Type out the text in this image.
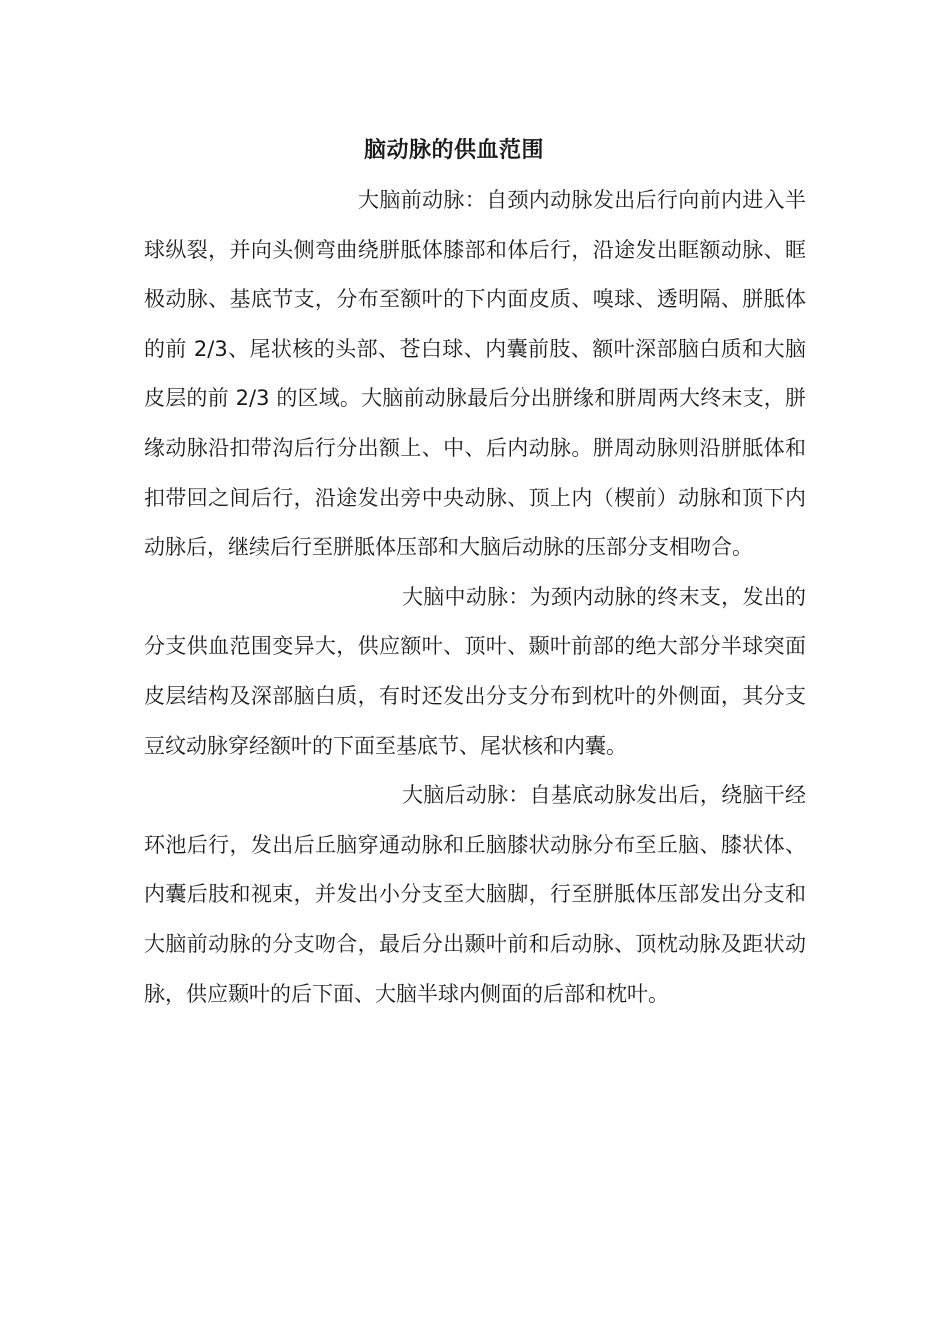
脑动脉的供血范围

大脑前动脉：自颈内动脉发出后行向前内进入半球纵裂，并向头侧弯曲绕胼胝体膝部和体后行，沿途发出眶额动脉、眶极动脉、基底节支，分布至额叶的下内面皮质、嗅球、透明隔、胼胝体的前 2/3、尾状核的头部、苍白球、内囊前肢、额叶深部脑白质和大脑皮层的前 2/3 的区域。大脑前动脉最后分出胼缘和胼周两大终末支，胼缘动脉沿扣带沟后行分出额上、中、后内动脉。胼周动脉则沿胼胝体和扣带回之间后行，沿途发出旁中央动脉、顶上内（楔前）动脉和顶下内动脉后，继续后行至胼胝体压部和大脑后动脉的压部分支相吻合。

大脑中动脉：为颈内动脉的终末支，发出的分支供血范围变异大，供应额叶、顶叶、颞叶前部的绝大部分半球突面皮层结构及深部脑白质，有时还发出分支分布到枕叶的外侧面，其分支豆纹动脉穿经额叶的下面至基底节、尾状核和内囊。

大脑后动脉：自基底动脉发出后，绕脑干经环池后行，发出后丘脑穿通动脉和丘脑膝状动脉分布至丘脑、膝状体、内囊后肢和视束，并发出小分支至大脑脚，行至胼胝体压部发出分支和大脑前动脉的分支吻合，最后分出颞叶前和后动脉、顶枕动脉及距状动脉，供应颞叶的后下面、大脑半球内侧面的后部和枕叶。
